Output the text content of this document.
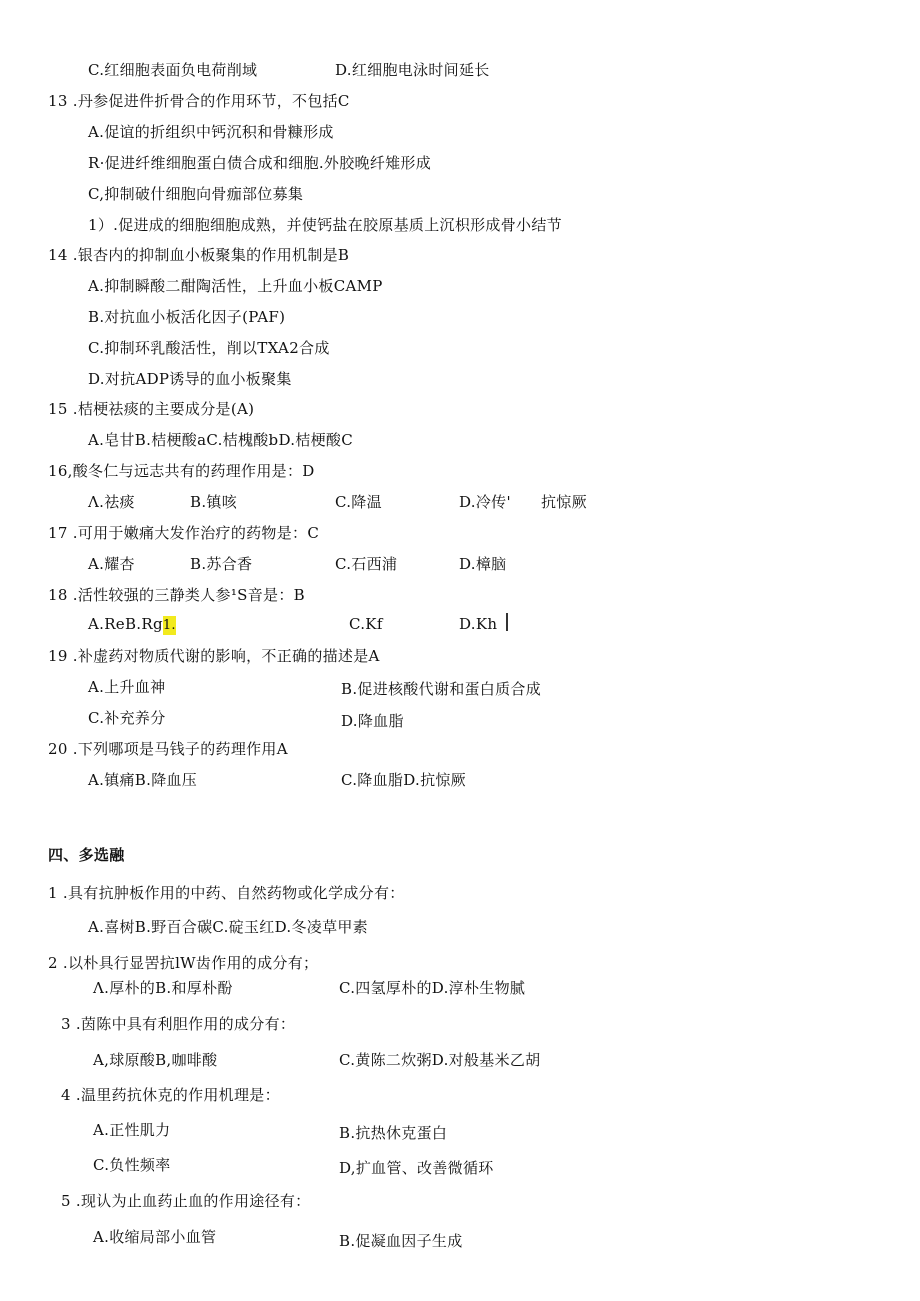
C.红细胞表面负电荷削域	D.红细胞电泳时间延长
13 .丹参促进件折骨合的作用环节，不包括C
A.促谊的折组织中钙沉积和骨糠形成
R·促进纤维细胞蛋白债合成和细胞.外胶晚纤雉形成
C,抑制破什细胞向骨痂部位募集
1）.促进成的细胞细胞成熟，并使钙盐在胶原基质上沉枳形成骨小结节
14 .银杏内的抑制血小板聚集的作用机制是B
A.抑制瞬酸二酣陶活性，上升血小板CAMP
B.对抗血小板活化因子(PAF)
C.抑制环乳酸活性，削以TXA2合成
D.对抗ADP诱导的血小板聚集
15 .桔梗祛痰的主要成分是(A)
A.皂甘B.桔梗酸aC.桔槐酸bD.桔梗酸C
16,酸冬仁与远志共有的药理作用是：D
Λ.祛痰	B.镇咳	C.降温	D.冷传' 抗惊厥
17 .可用于嫩痛大发作治疗的药物是：C
A.耀杏	B.苏合香	C.石西浦	D.樟脑
18 .活性较强的三静类人参¹S音是：B
A.ReB.Rg1.	C.Kf	D.Kh
19 .补虚药对物质代谢的影响，不正确的描述是A
A.上升血神	B.促进核酸代谢和蛋白质合成
C.补充养分	D.降血脂
20 .下列哪项是马钱子的药理作用A
A.镇痛B.降血压	C.降血脂D.抗惊厥
四、多选融
1 .具有抗肿板作用的中药、自然药物或化学成分有：
A.喜树B.野百合碳C.碇玉红D.冬凌草甲素
2 .以朴具行显罟抗lW齿作用的成分有；
Λ.厚朴的B.和厚朴酚	C.四氢厚朴的D.淳朴生物腻
3 .茵陈中具有利胆作用的成分有：
A,球原酸B,咖啡酸	C.黄陈二炊粥D.对般基米乙胡
4 .温里药抗休克的作用机理是：
A.正性肌力	B.抗热休克蛋白
C.负性频率	D,扩血管、改善微循环
5 .现认为止血药止血的作用途径有：
A.收缩局部小血管	B.促凝血因子生成
